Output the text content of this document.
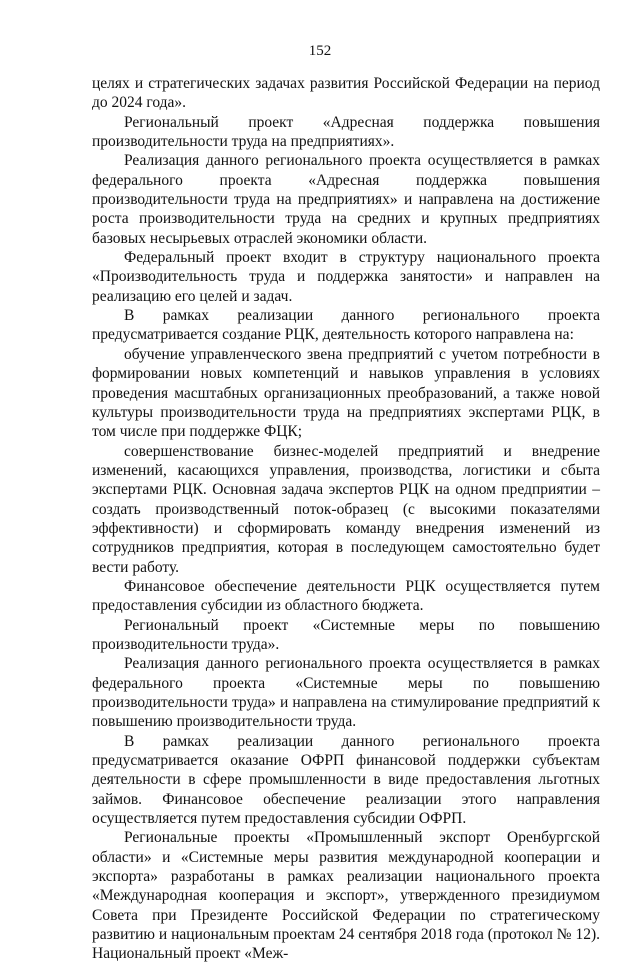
152

целях и стратегических задачах развития Российской Федерации на период до 2024 года».

Региональный проект «Адресная поддержка повышения производительности труда на предприятиях».

Реализация данного регионального проекта осуществляется в рамках федерального проекта «Адресная поддержка повышения производительности труда на предприятиях» и направлена на достижение роста производительности труда на средних и крупных предприятиях базовых несырьевых отраслей экономики области.

Федеральный проект входит в структуру национального проекта «Производительность труда и поддержка занятости» и направлен на реализацию его целей и задач.

В рамках реализации данного регионального проекта предусматривается создание РЦК, деятельность которого направлена на:

обучение управленческого звена предприятий с учетом потребности в формировании новых компетенций и навыков управления в условиях проведения масштабных организационных преобразований, а также новой культуры производительности труда на предприятиях экспертами РЦК, в том числе при поддержке ФЦК;

совершенствование бизнес-моделей предприятий и внедрение изменений, касающихся управления, производства, логистики и сбыта экспертами РЦК. Основная задача экспертов РЦК на одном предприятии – создать производственный поток-образец (с высокими показателями эффективности) и сформировать команду внедрения изменений из сотрудников предприятия, которая в последующем самостоятельно будет вести работу.

Финансовое обеспечение деятельности РЦК осуществляется путем предоставления субсидии из областного бюджета.

Региональный проект «Системные меры по повышению производительности труда».

Реализация данного регионального проекта осуществляется в рамках федерального проекта «Системные меры по повышению производительности труда» и направлена на стимулирование предприятий к повышению производительности труда.

В рамках реализации данного регионального проекта предусматривается оказание ОФРП финансовой поддержки субъектам деятельности в сфере промышленности в виде предоставления льготных займов. Финансовое обеспечение реализации этого направления осуществляется путем предоставления субсидии ОФРП.

Региональные проекты «Промышленный экспорт Оренбургской области» и «Системные меры развития международной кооперации и экспорта» разработаны в рамках реализации национального проекта «Международная кооперация и экспорт», утвержденного президиумом Совета при Президенте Российской Федерации по стратегическому развитию и национальным проектам 24 сентября 2018 года (протокол № 12). Национальный проект «Меж-
